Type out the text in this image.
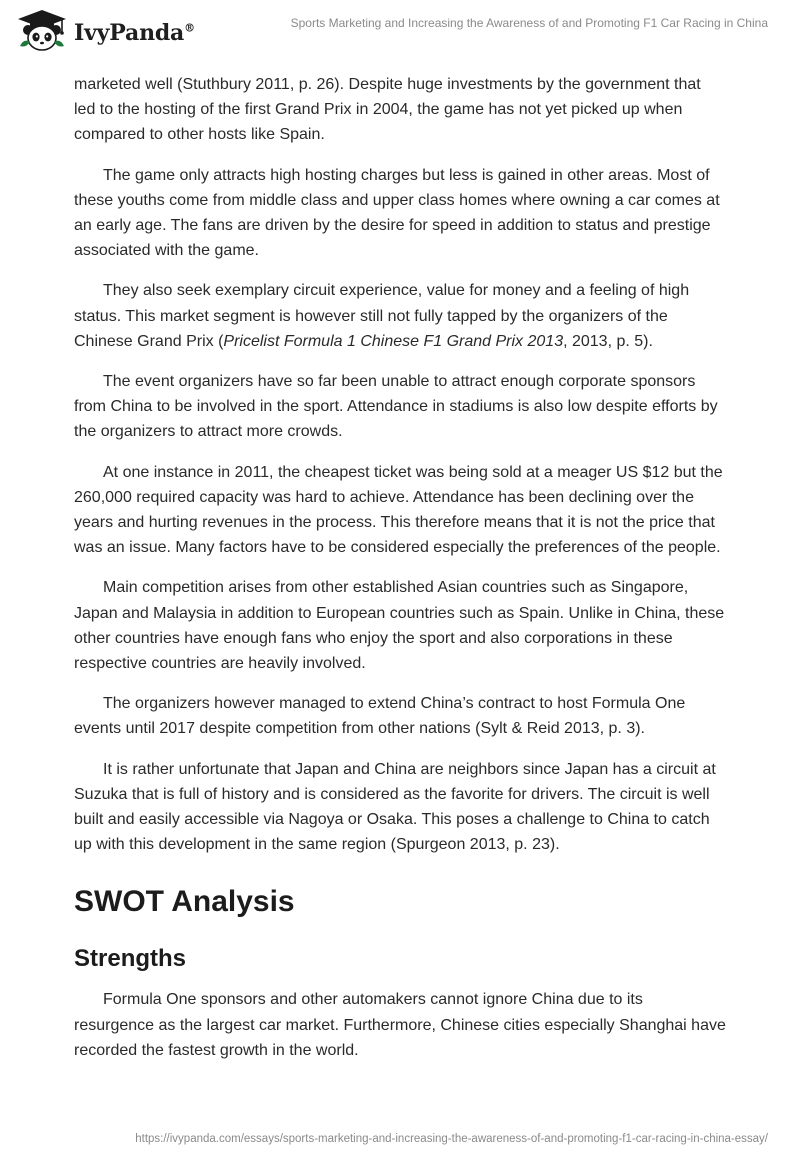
IvyPanda®	Sports Marketing and Increasing the Awareness of and Promoting F1 Car Racing in China

marketed well (Stuthbury 2011, p. 26). Despite huge investments by the government that led to the hosting of the first Grand Prix in 2004, the game has not yet picked up when compared to other hosts like Spain.

The game only attracts high hosting charges but less is gained in other areas. Most of these youths come from middle class and upper class homes where owning a car comes at an early age. The fans are driven by the desire for speed in addition to status and prestige associated with the game.

They also seek exemplary circuit experience, value for money and a feeling of high status. This market segment is however still not fully tapped by the organizers of the Chinese Grand Prix (Pricelist Formula 1 Chinese F1 Grand Prix 2013, 2013, p. 5).

The event organizers have so far been unable to attract enough corporate sponsors from China to be involved in the sport. Attendance in stadiums is also low despite efforts by the organizers to attract more crowds.

At one instance in 2011, the cheapest ticket was being sold at a meager US $12 but the 260,000 required capacity was hard to achieve. Attendance has been declining over the years and hurting revenues in the process. This therefore means that it is not the price that was an issue. Many factors have to be considered especially the preferences of the people.

Main competition arises from other established Asian countries such as Singapore, Japan and Malaysia in addition to European countries such as Spain. Unlike in China, these other countries have enough fans who enjoy the sport and also corporations in these respective countries are heavily involved.

The organizers however managed to extend China’s contract to host Formula One events until 2017 despite competition from other nations (Sylt & Reid 2013, p. 3).

It is rather unfortunate that Japan and China are neighbors since Japan has a circuit at Suzuka that is full of history and is considered as the favorite for drivers. The circuit is well built and easily accessible via Nagoya or Osaka. This poses a challenge to China to catch up with this development in the same region (Spurgeon 2013, p. 23).

SWOT Analysis
Strengths

Formula One sponsors and other automakers cannot ignore China due to its resurgence as the largest car market. Furthermore, Chinese cities especially Shanghai have recorded the fastest growth in the world.

https://ivypanda.com/essays/sports-marketing-and-increasing-the-awareness-of-and-promoting-f1-car-racing-in-china-essay/
